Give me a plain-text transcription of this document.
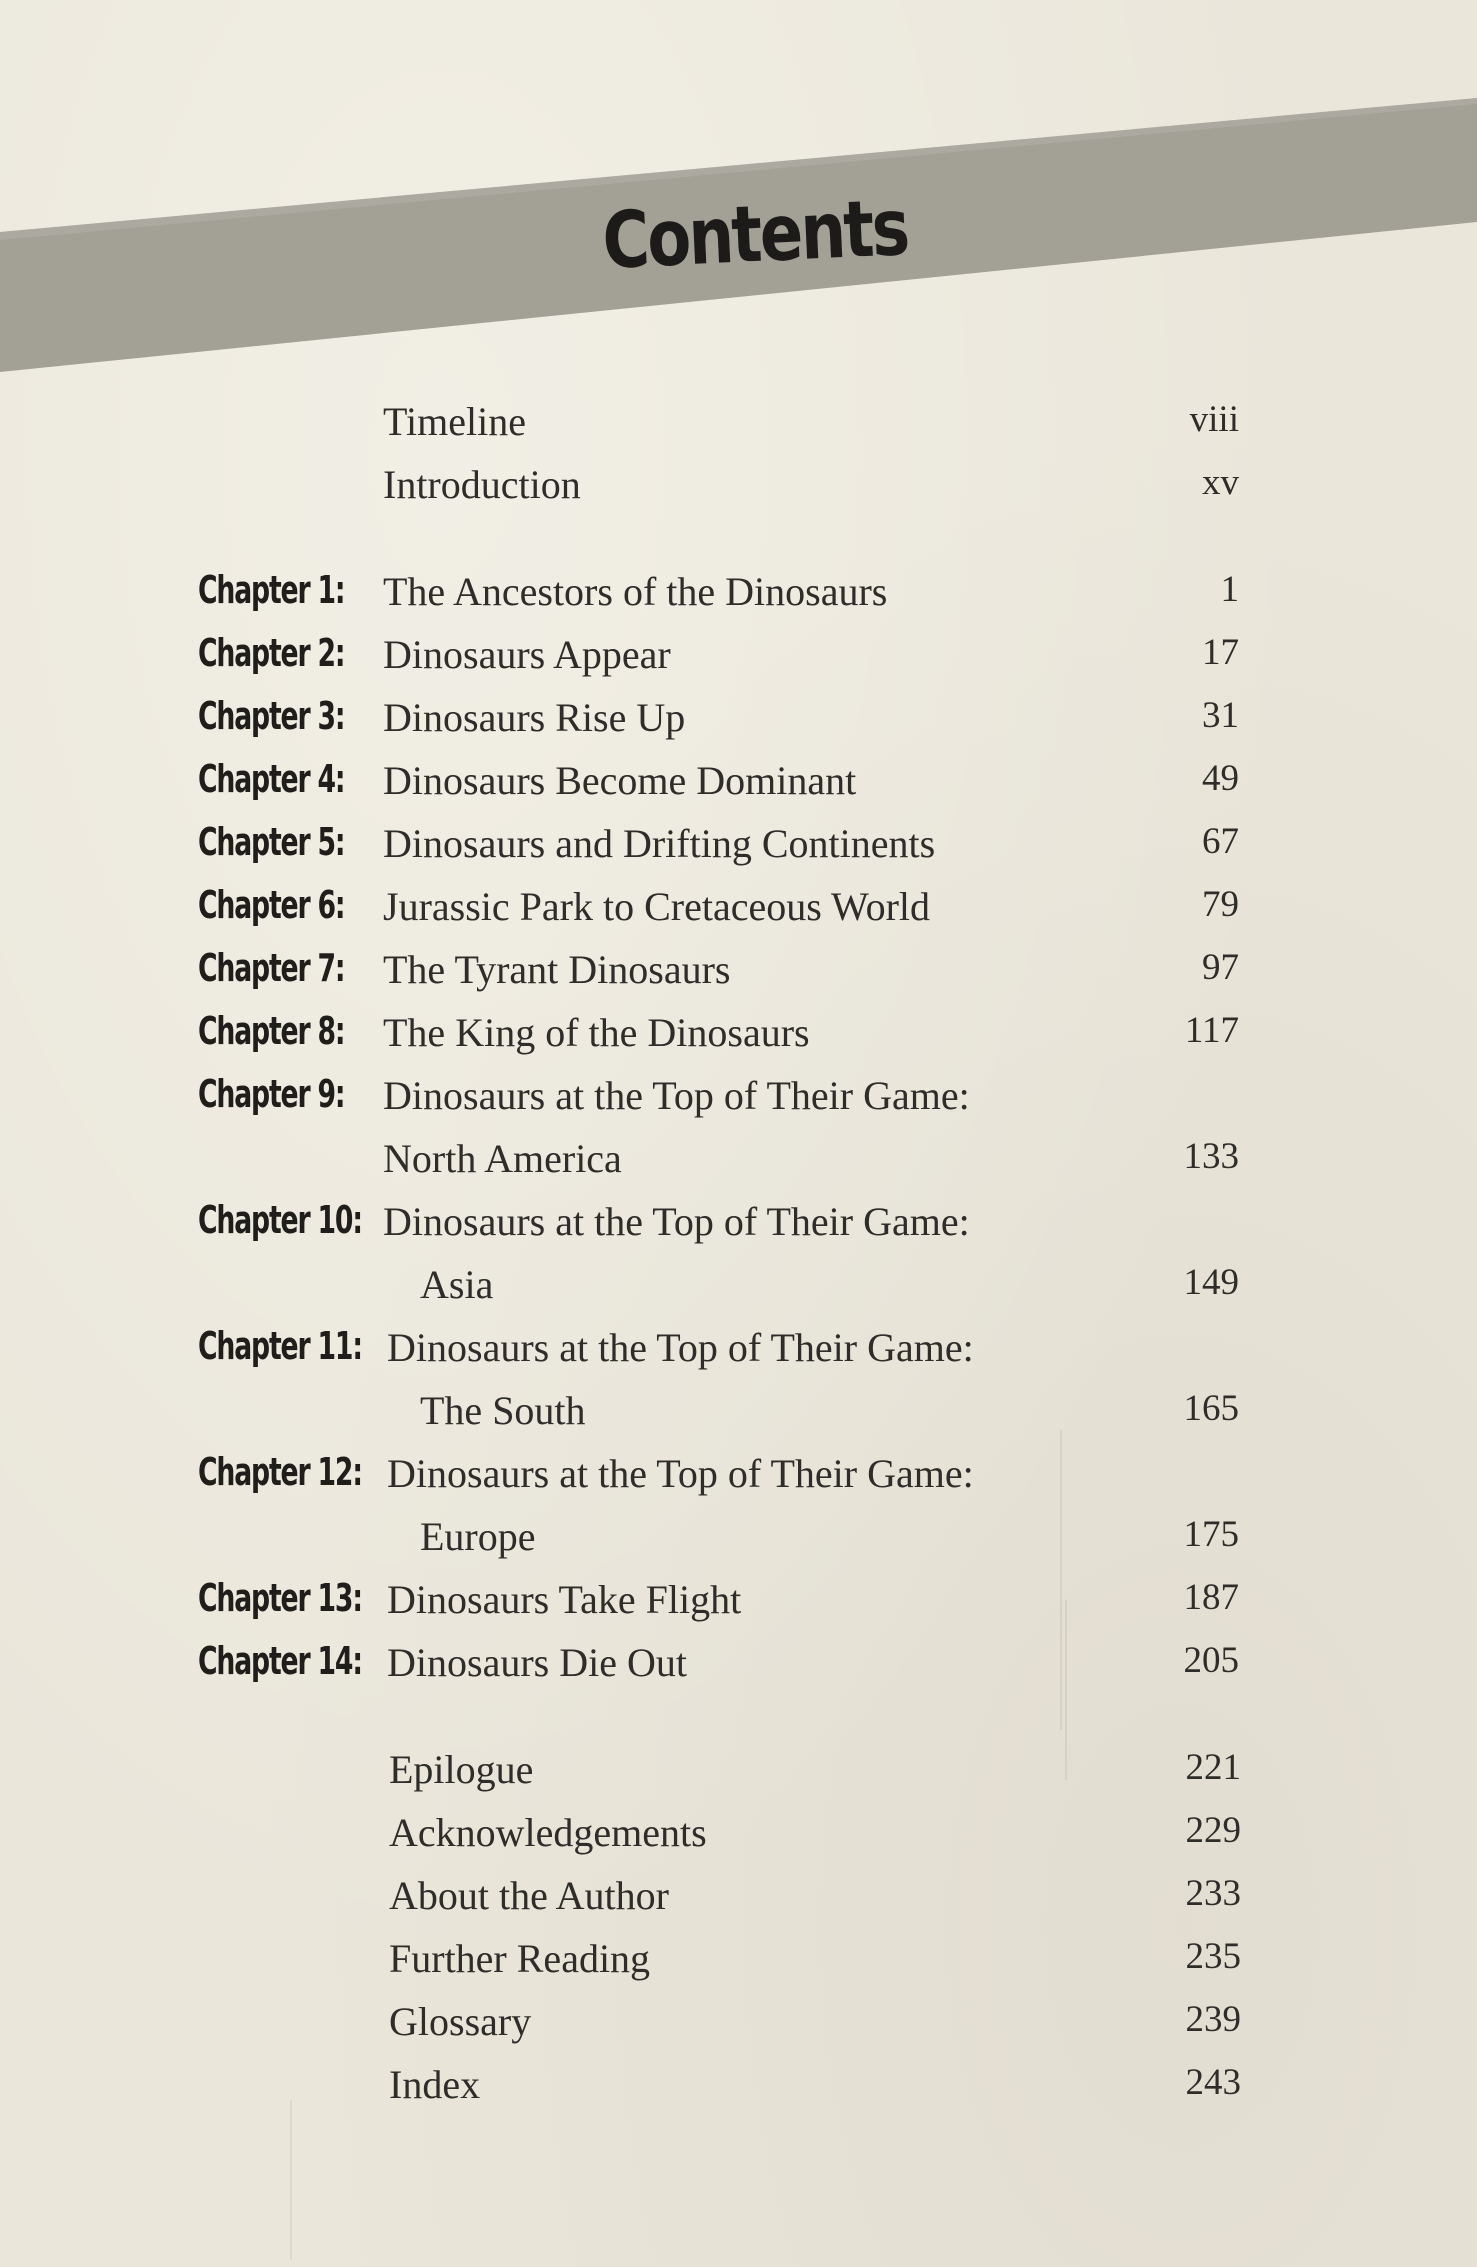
Contents
Timeline	viii
Introduction	xv
Chapter 1: The Ancestors of the Dinosaurs	1
Chapter 2: Dinosaurs Appear	17
Chapter 3: Dinosaurs Rise Up	31
Chapter 4: Dinosaurs Become Dominant	49
Chapter 5: Dinosaurs and Drifting Continents	67
Chapter 6: Jurassic Park to Cretaceous World	79
Chapter 7: The Tyrant Dinosaurs	97
Chapter 8: The King of the Dinosaurs	117
Chapter 9: Dinosaurs at the Top of Their Game:
North America	133
Chapter 10: Dinosaurs at the Top of Their Game:
Asia	149
Chapter 11: Dinosaurs at the Top of Their Game:
The South	165
Chapter 12: Dinosaurs at the Top of Their Game:
Europe	175
Chapter 13: Dinosaurs Take Flight	187
Chapter 14: Dinosaurs Die Out	205
Epilogue	221
Acknowledgements	229
About the Author	233
Further Reading	235
Glossary	239
Index	243
